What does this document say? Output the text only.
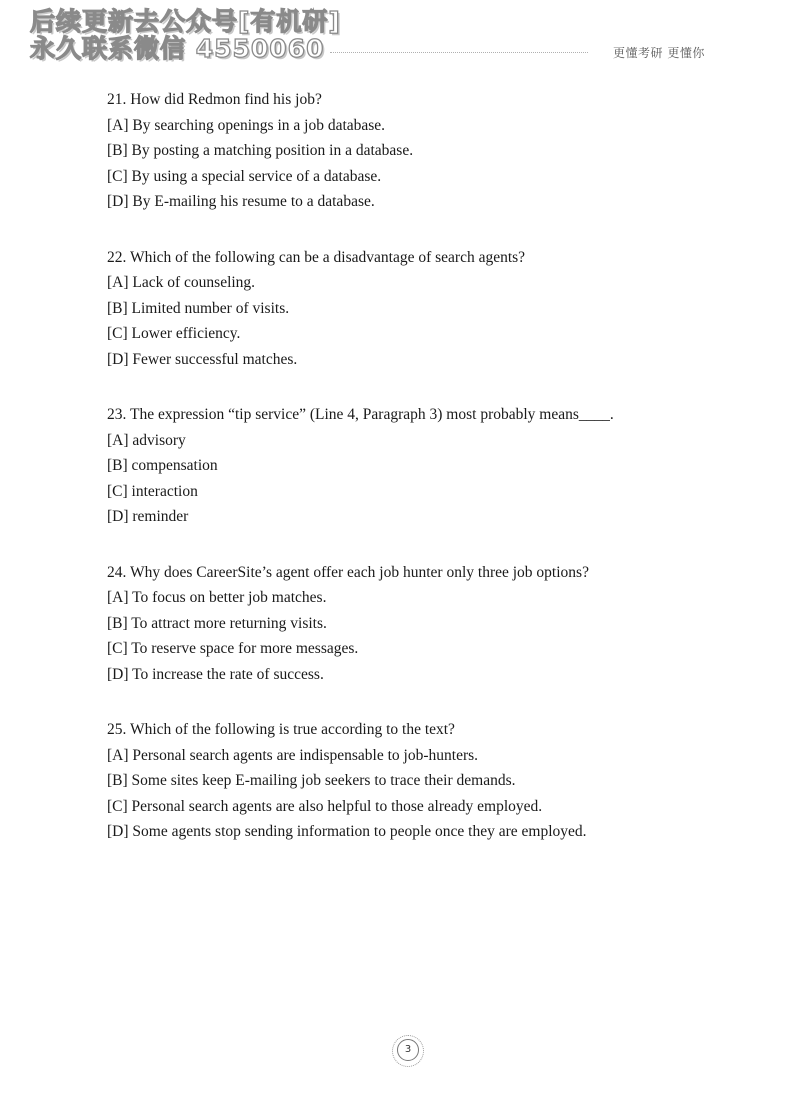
后续更新去公众号[有机研]
永久联系微信 4550060	更懂考研 更懂你
21. How did Redmon find his job?
[A] By searching openings in a job database.
[B] By posting a matching position in a database.
[C] By using a special service of a database.
[D] By E-mailing his resume to a database.
22. Which of the following can be a disadvantage of search agents?
[A] Lack of counseling.
[B] Limited number of visits.
[C] Lower efficiency.
[D] Fewer successful matches.
23. The expression “tip service” (Line 4, Paragraph 3) most probably means____.
[A] advisory
[B] compensation
[C] interaction
[D] reminder
24. Why does CareerSite’s agent offer each job hunter only three job options?
[A] To focus on better job matches.
[B] To attract more returning visits.
[C] To reserve space for more messages.
[D] To increase the rate of success.
25. Which of the following is true according to the text?
[A] Personal search agents are indispensable to job-hunters.
[B] Some sites keep E-mailing job seekers to trace their demands.
[C] Personal search agents are also helpful to those already employed.
[D] Some agents stop sending information to people once they are employed.
3
